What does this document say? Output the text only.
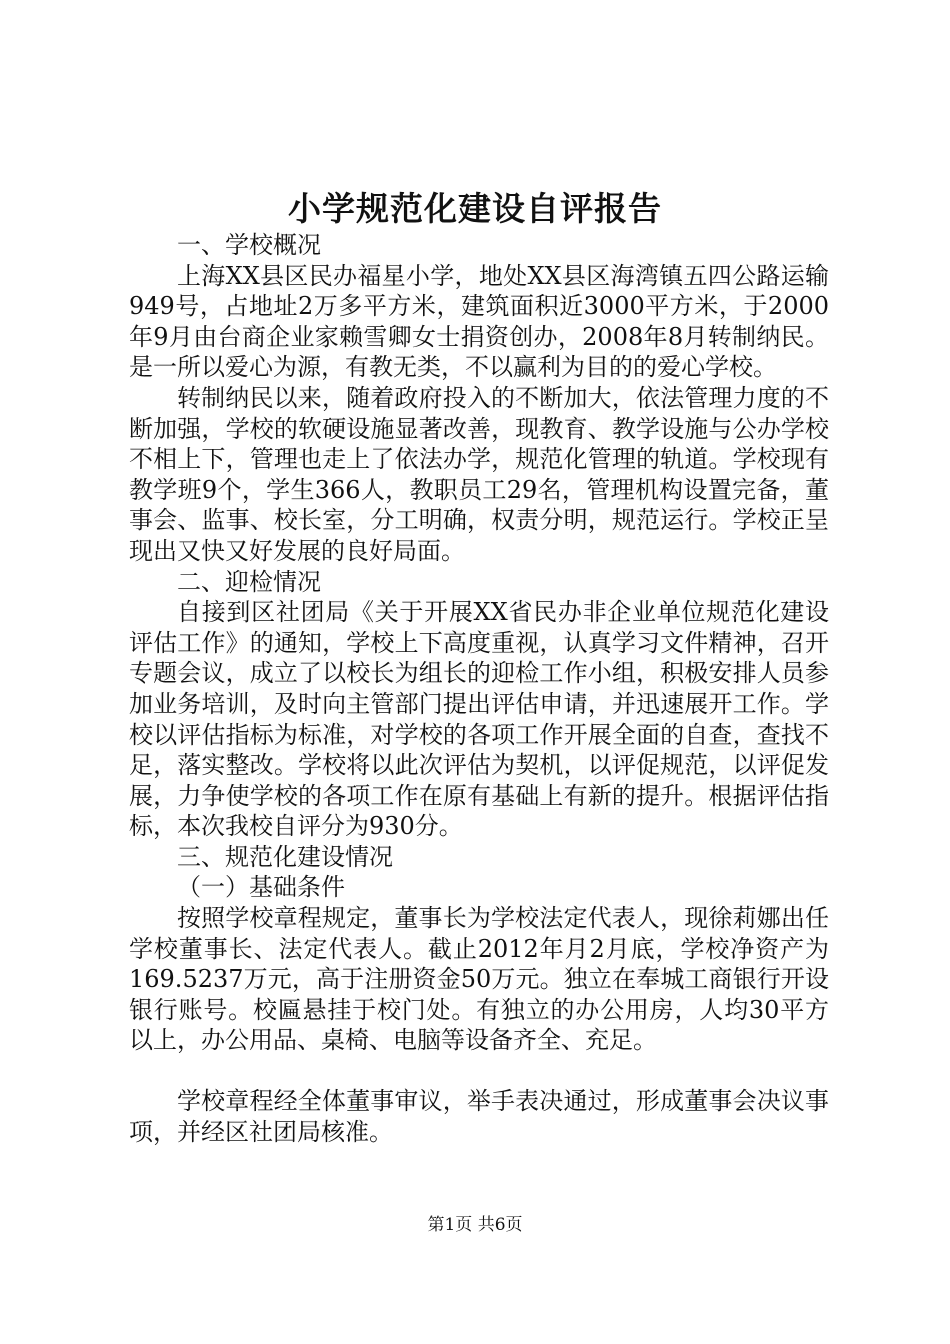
小学规范化建设自评报告

一、学校概况

上海XX县区民办福星小学，地处XX县区海湾镇五四公路运输949号，占地址2万多平方米，建筑面积近3000平方米，于2000年9月由台商企业家赖雪卿女士捐资创办，2008年8月转制纳民。是一所以爱心为源，有教无类，不以赢利为目的的爱心学校。

转制纳民以来，随着政府投入的不断加大，依法管理力度的不断加强，学校的软硬设施显著改善，现教育、教学设施与公办学校不相上下，管理也走上了依法办学，规范化管理的轨道。学校现有教学班9个，学生366人，教职员工29名，管理机构设置完备，董事会、监事、校长室，分工明确，权责分明，规范运行。学校正呈现出又快又好发展的良好局面。

二、迎检情况

自接到区社团局《关于开展XX省民办非企业单位规范化建设评估工作》的通知，学校上下高度重视，认真学习文件精神，召开专题会议，成立了以校长为组长的迎检工作小组，积极安排人员参加业务培训，及时向主管部门提出评估申请，并迅速展开工作。学校以评估指标为标准，对学校的各项工作开展全面的自查，查找不足，落实整改。学校将以此次评估为契机，以评促规范，以评促发展，力争使学校的各项工作在原有基础上有新的提升。根据评估指标，本次我校自评分为930分。

三、规范化建设情况

（一）基础条件

按照学校章程规定，董事长为学校法定代表人，现徐莉娜出任学校董事长、法定代表人。截止2012年月2月底，学校净资产为169.5237万元，高于注册资金50万元。独立在奉城工商银行开设银行账号。校匾悬挂于校门处。有独立的办公用房，人均30平方以上，办公用品、桌椅、电脑等设备齐全、充足。

学校章程经全体董事审议，举手表决通过，形成董事会决议事项，并经区社团局核准。

第1页 共6页
